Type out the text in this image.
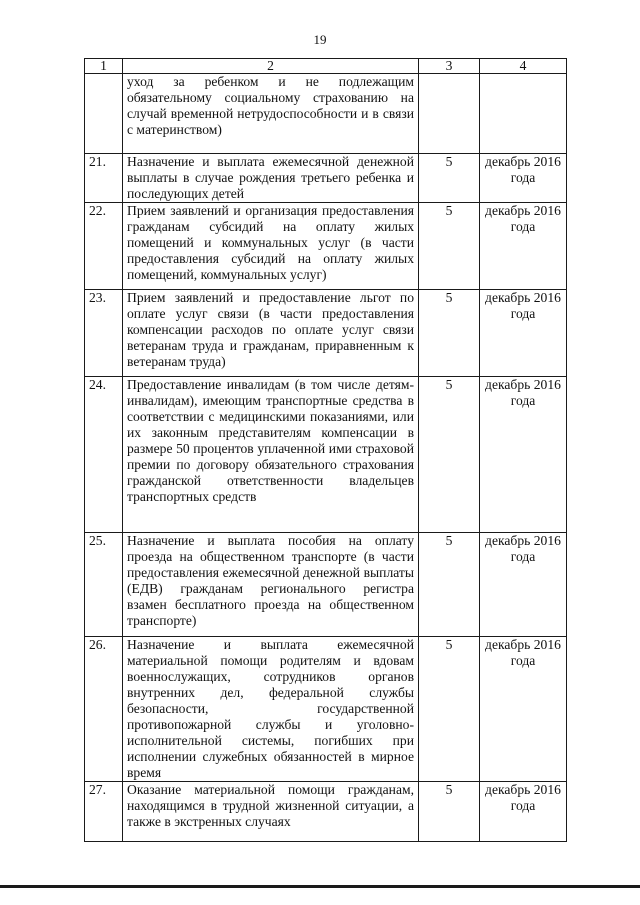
19
1	2	3	4
	уход за ребенком и не подлежащим обязательному социальному страхованию на случай временной нетрудоспособности и в связи с материнством)		
21.	Назначение и выплата ежемесячной денежной выплаты в случае рождения третьего ребенка и последующих детей	5	декабрь 2016 года
22.	Прием заявлений и организация предоставления гражданам субсидий на оплату жилых помещений и коммунальных услуг (в части предоставления субсидий на оплату жилых помещений, коммунальных услуг)	5	декабрь 2016 года
23.	Прием заявлений и предоставление льгот по оплате услуг связи (в части предоставления компенсации расходов по оплате услуг связи ветеранам труда и гражданам, приравненным к ветеранам труда)	5	декабрь 2016 года
24.	Предоставление инвалидам (в том числе детям-инвалидам), имеющим транспортные средства в соответствии с медицинскими показаниями, или их законным представителям компенсации в размере 50 процентов уплаченной ими страховой премии по договору обязательного страхования гражданской ответственности владельцев транспортных средств	5	декабрь 2016 года
25.	Назначение и выплата пособия на оплату проезда на общественном транспорте (в части предоставления ежемесячной денежной выплаты (ЕДВ) гражданам регионального регистра взамен бесплатного проезда на общественном транспорте)	5	декабрь 2016 года
26.	Назначение и выплата ежемесячной материальной помощи родителям и вдовам военнослужащих, сотрудников органов внутренних дел, федеральной службы безопасности, государственной противопожарной службы и уголовно-исполнительной системы, погибших при исполнении служебных обязанностей в мирное время	5	декабрь 2016 года
27.	Оказание материальной помощи гражданам, находящимся в трудной жизненной ситуации, а также в экстренных случаях	5	декабрь 2016 года
